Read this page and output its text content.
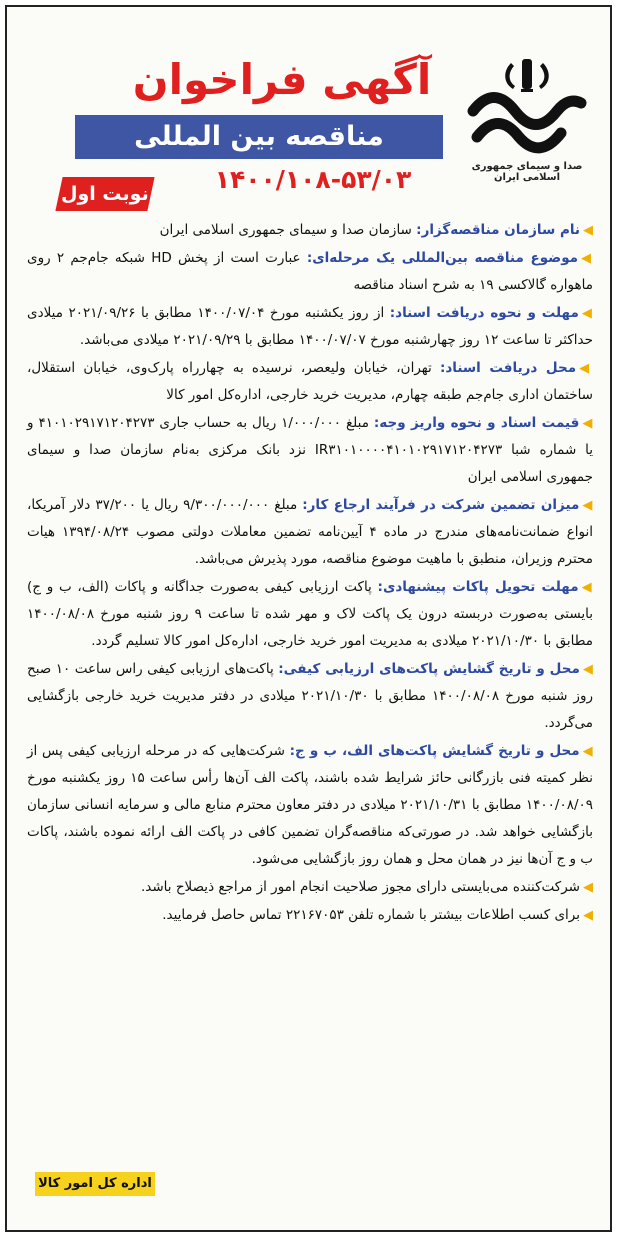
صدا و سیمای جمهوری اسلامی ایران
آگهی فراخوان
مناقصه بین المللی
۱۴۰۰/۱۰۸-۵۳/۰۳
نوبت اول

◀نام سازمان مناقصه‌گزار: سازمان صدا و سیمای جمهوری اسلامی ایران

◀موضوع مناقصه بین‌المللی یک مرحله‌ای: عبارت است از پخش HD شبکه جام‌جم ۲ روی ماهواره گالاکسی ۱۹ به شرح اسناد مناقصه

◀مهلت و نحوه دریافت اسناد: از روز یکشنبه مورخ ۱۴۰۰/۰۷/۰۴ مطابق با ۲۰۲۱/۰۹/۲۶ میلادی حداکثر تا ساعت ۱۲ روز چهارشنبه مورخ ۱۴۰۰/۰۷/۰۷ مطابق با ۲۰۲۱/۰۹/۲۹ میلادی می‌باشد.

◀محل دریافت اسناد: تهران، خیابان ولیعصر، نرسیده به چهارراه پارک‌وی، خیابان استقلال، ساختمان اداری جام‌جم طبقه چهارم، مدیریت خرید خارجی، اداره‌کل امور کالا

◀قیمت اسناد و نحوه واریز وجه: مبلغ ۱/۰۰۰/۰۰۰ ریال به حساب جاری ۴۱۰۱۰۲۹۱۷۱۲۰۴۲۷۳ و یا شماره شبا IR۳۱۰۱۰۰۰۰۴۱۰۱۰۲۹۱۷۱۲۰۴۲۷۳ نزد بانک مرکزی به‌نام سازمان صدا و سیمای جمهوری اسلامی ایران

◀میزان تضمین شرکت در فرآیند ارجاع کار: مبلغ ۹/۳۰۰/۰۰۰/۰۰۰ ریال یا ۳۷/۲۰۰ دلار آمریکا، انواع ضمانت‌نامه‌های مندرج در ماده ۴ آیین‌نامه تضمین معاملات دولتی مصوب ۱۳۹۴/۰۸/۲۴ هیات محترم وزیران، منطبق با ماهیت موضوع مناقصه، مورد پذیرش می‌باشد.

◀مهلت تحویل پاکات پیشنهادی: پاکت ارزیابی کیفی به‌صورت جداگانه و پاکات (الف، ب و ج) بایستی به‌صورت دربسته درون یک پاکت لاک و مهر شده تا ساعت ۹ روز شنبه مورخ ۱۴۰۰/۰۸/۰۸ مطابق با ۲۰۲۱/۱۰/۳۰ میلادی به مدیریت امور خرید خارجی، اداره‌کل امور کالا تسلیم گردد.

◀محل و تاریخ گشایش پاکت‌های ارزیابی کیفی: پاکت‌های ارزیابی کیفی راس ساعت ۱۰ صبح روز شنبه مورخ ۱۴۰۰/۰۸/۰۸ مطابق با ۲۰۲۱/۱۰/۳۰ میلادی در دفتر مدیریت خرید خارجی بازگشایی می‌گردد.

◀محل و تاریخ گشایش پاکت‌های الف، ب و ج: شرکت‌هایی که در مرحله ارزیابی کیفی پس از نظر کمیته فنی بازرگانی حائز شرایط شده باشند، پاکت الف آن‌ها رأس ساعت ۱۵ روز یکشنبه مورخ ۱۴۰۰/۰۸/۰۹ مطابق با ۲۰۲۱/۱۰/۳۱ میلادی در دفتر معاون محترم منابع مالی و سرمایه انسانی سازمان بازگشایی خواهد شد. در صورتی‌که مناقصه‌گران تضمین کافی در پاکت الف ارائه نموده باشند، پاکات ب و ج آن‌ها نیز در همان محل و همان روز بازگشایی می‌شود.

◀شرکت‌کننده می‌بایستی دارای مجوز صلاحیت انجام امور از مراجع ذیصلاح باشد.

◀برای کسب اطلاعات بیشتر با شماره تلفن ۲۲۱۶۷۰۵۳ تماس حاصل فرمایید.

اداره کل امور کالا
